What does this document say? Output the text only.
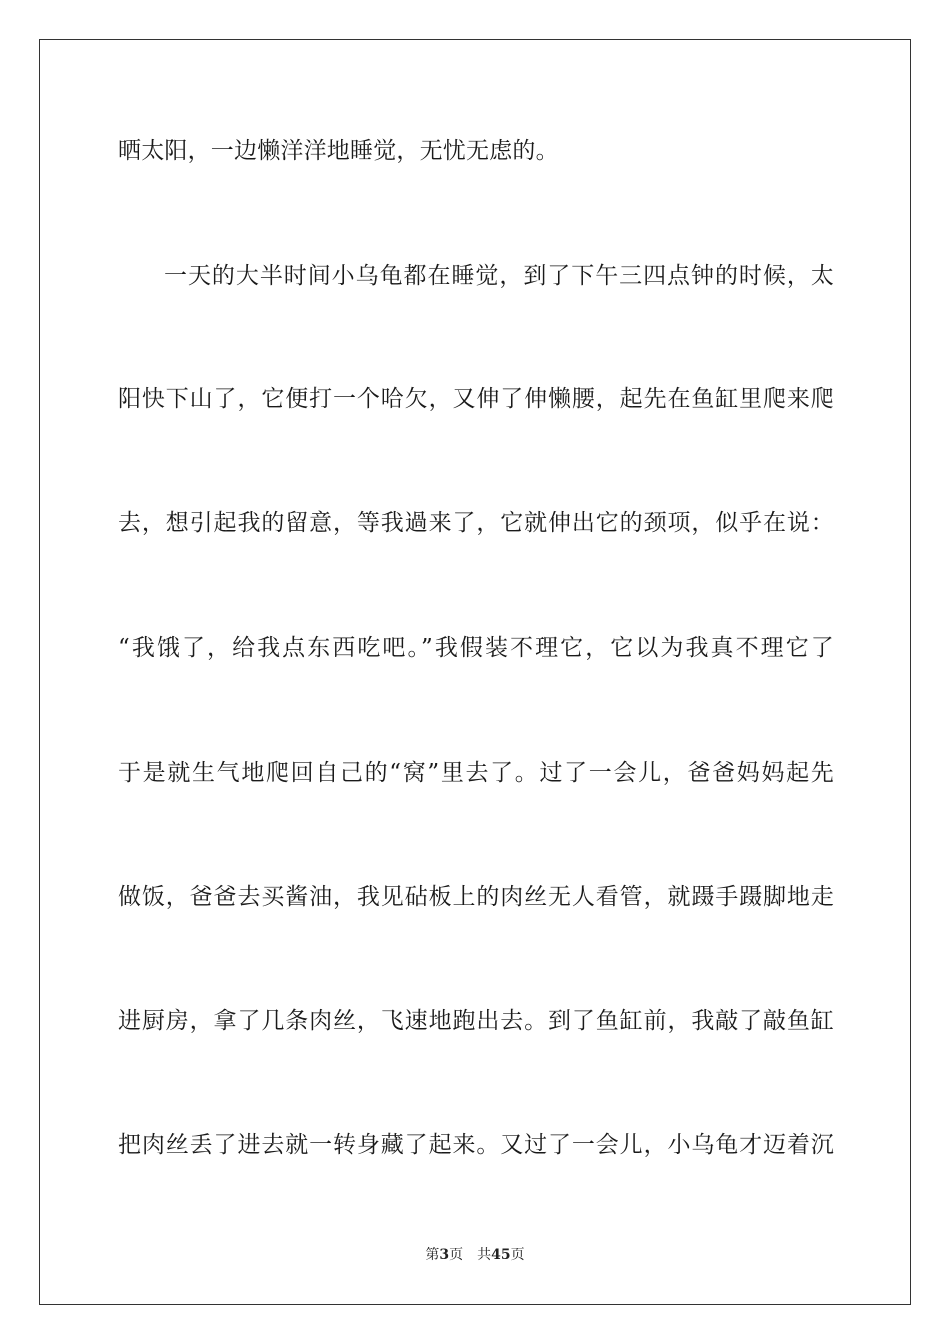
晒太阳，一边懒洋洋地睡觉，无忧无虑的。
一天的大半时间小乌龟都在睡觉，到了下午三四点钟的时候，太
阳快下山了，它便打一个哈欠，又伸了伸懒腰，起先在鱼缸里爬来爬
去，想引起我的留意，等我過来了，它就伸出它的颈项，似乎在说：
“我饿了，给我点东西吃吧。”我假装不理它，它以为我真不理它了
于是就生气地爬回自己的“窝”里去了。过了一会儿，爸爸妈妈起先
做饭，爸爸去买酱油，我见砧板上的肉丝无人看管，就蹑手蹑脚地走
进厨房，拿了几条肉丝，飞速地跑出去。到了鱼缸前，我敲了敲鱼缸
把肉丝丢了进去就一转身藏了起来。又过了一会儿，小乌龟才迈着沉
第3页 共45页
